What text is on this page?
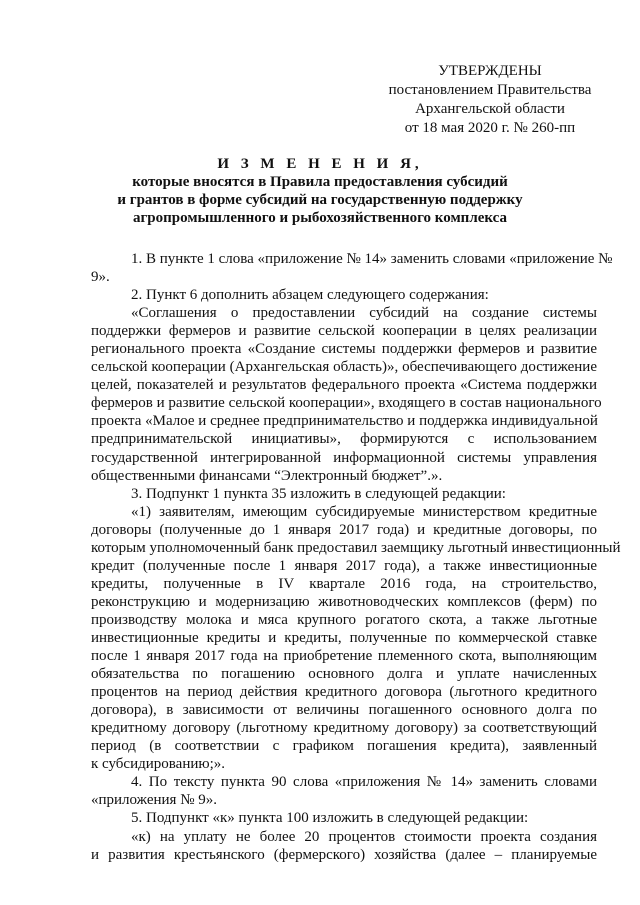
УТВЕРЖДЕНЫ
постановлением Правительства
Архангельской области
от 18 мая 2020 г. № 260-пп
И З М Е Н Е Н И Я,
которые вносятся в Правила предоставления субсидий
и грантов в форме субсидий на государственную поддержку
агропромышленного и рыбохозяйственного комплекса
1. В пункте 1 слова «приложение № 14» заменить словами «приложение №
9».
2. Пункт 6 дополнить абзацем следующего содержания:
«Соглашения о предоставлении субсидий на создание системы
поддержки фермеров и развитие сельской кооперации в целях реализации
регионального проекта «Создание системы поддержки фермеров и развитие
сельской кооперации (Архангельская область)», обеспечивающего достижение
целей, показателей и результатов федерального проекта «Система поддержки
фермеров и развитие сельской кооперации», входящего в состав национального
проекта «Малое и среднее предпринимательство и поддержка индивидуальной
предпринимательской инициативы», формируются с использованием
государственной интегрированной информационной системы управления
общественными финансами “Электронный бюджет”.».
3. Подпункт 1 пункта 35 изложить в следующей редакции:
«1) заявителям, имеющим субсидируемые министерством кредитные
договоры (полученные до 1 января 2017 года) и кредитные договоры, по
которым уполномоченный банк предоставил заемщику льготный инвестиционный
кредит (полученные после 1 января 2017 года), а также инвестиционные
кредиты, полученные в IV квартале 2016 года, на строительство,
реконструкцию и модернизацию животноводческих комплексов (ферм) по
производству молока и мяса крупного рогатого скота, а также льготные
инвестиционные кредиты и кредиты, полученные по коммерческой ставке
после 1 января 2017 года на приобретение племенного скота, выполняющим
обязательства по погашению основного долга и уплате начисленных
процентов на период действия кредитного договора (льготного кредитного
договора), в зависимости от величины погашенного основного долга по
кредитному договору (льготному кредитному договору) за соответствующий
период (в соответствии с графиком погашения кредита), заявленный
к субсидированию;».
4. По тексту пункта 90 слова «приложения № 14» заменить словами
«приложения № 9».
5. Подпункт «к» пункта 100 изложить в следующей редакции:
«к) на уплату не более 20 процентов стоимости проекта создания
и развития крестьянского (фермерского) хозяйства (далее – планируемые
